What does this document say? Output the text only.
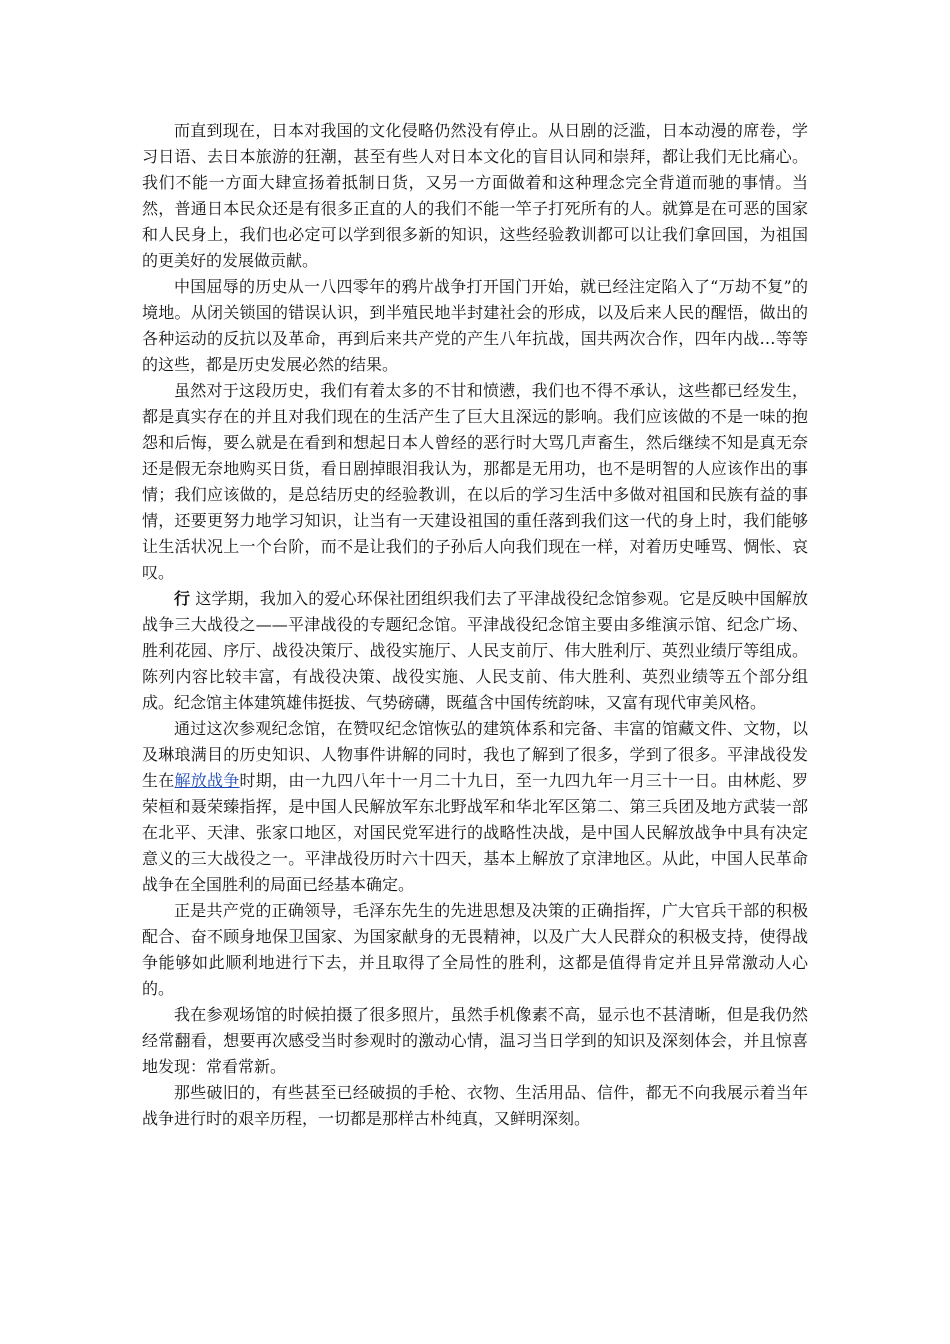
而直到现在，日本对我国的文化侵略仍然没有停止。从日剧的泛滥，日本动漫的席卷，学习日语、去日本旅游的狂潮，甚至有些人对日本文化的盲目认同和崇拜，都让我们无比痛心。我们不能一方面大肆宣扬着抵制日货，又另一方面做着和这种理念完全背道而驰的事情。当然，普通日本民众还是有很多正直的人的我们不能一竿子打死所有的人。就算是在可恶的国家和人民身上，我们也必定可以学到很多新的知识，这些经验教训都可以让我们拿回国，为祖国的更美好的发展做贡献。

中国屈辱的历史从一八四零年的鸦片战争打开国门开始，就已经注定陷入了“万劫不复”的境地。从闭关锁国的错误认识，到半殖民地半封建社会的形成，以及后来人民的醒悟，做出的各种运动的反抗以及革命，再到后来共产党的产生八年抗战，国共两次合作，四年内战…等等的这些，都是历史发展必然的结果。

虽然对于这段历史，我们有着太多的不甘和愤懑，我们也不得不承认，这些都已经发生，都是真实存在的并且对我们现在的生活产生了巨大且深远的影响。我们应该做的不是一味的抱怨和后悔，要么就是在看到和想起日本人曾经的恶行时大骂几声畜生，然后继续不知是真无奈还是假无奈地购买日货，看日剧掉眼泪我认为，那都是无用功，也不是明智的人应该作出的事情；我们应该做的，是总结历史的经验教训，在以后的学习生活中多做对祖国和民族有益的事情，还要更努力地学习知识，让当有一天建设祖国的重任落到我们这一代的身上时，我们能够让生活状况上一个台阶，而不是让我们的子孙后人向我们现在一样，对着历史唾骂、惆怅、哀叹。

行 这学期，我加入的爱心环保社团组织我们去了平津战役纪念馆参观。它是反映中国解放战争三大战役之——平津战役的专题纪念馆。平津战役纪念馆主要由多维演示馆、纪念广场、胜利花园、序厅、战役决策厅、战役实施厅、人民支前厅、伟大胜利厅、英烈业绩厅等组成。陈列内容比较丰富，有战役决策、战役实施、人民支前、伟大胜利、英烈业绩等五个部分组成。纪念馆主体建筑雄伟挺拔、气势磅礴，既蕴含中国传统韵味，又富有现代审美风格。

通过这次参观纪念馆，在赞叹纪念馆恢弘的建筑体系和完备、丰富的馆藏文件、文物，以及琳琅满目的历史知识、人物事件讲解的同时，我也了解到了很多，学到了很多。平津战役发生在解放战争时期，由一九四八年十一月二十九日，至一九四九年一月三十一日。由林彪、罗荣桓和聂荣臻指挥，是中国人民解放军东北野战军和华北军区第二、第三兵团及地方武装一部在北平、天津、张家口地区，对国民党军进行的战略性决战，是中国人民解放战争中具有决定意义的三大战役之一。平津战役历时六十四天，基本上解放了京津地区。从此，中国人民革命战争在全国胜利的局面已经基本确定。

正是共产党的正确领导，毛泽东先生的先进思想及决策的正确指挥，广大官兵干部的积极配合、奋不顾身地保卫国家、为国家献身的无畏精神，以及广大人民群众的积极支持，使得战争能够如此顺利地进行下去，并且取得了全局性的胜利，这都是值得肯定并且异常激动人心的。

我在参观场馆的时候拍摄了很多照片，虽然手机像素不高，显示也不甚清晰，但是我仍然经常翻看，想要再次感受当时参观时的激动心情，温习当日学到的知识及深刻体会，并且惊喜地发现：常看常新。

那些破旧的，有些甚至已经破损的手枪、衣物、生活用品、信件，都无不向我展示着当年战争进行时的艰辛历程，一切都是那样古朴纯真，又鲜明深刻。
